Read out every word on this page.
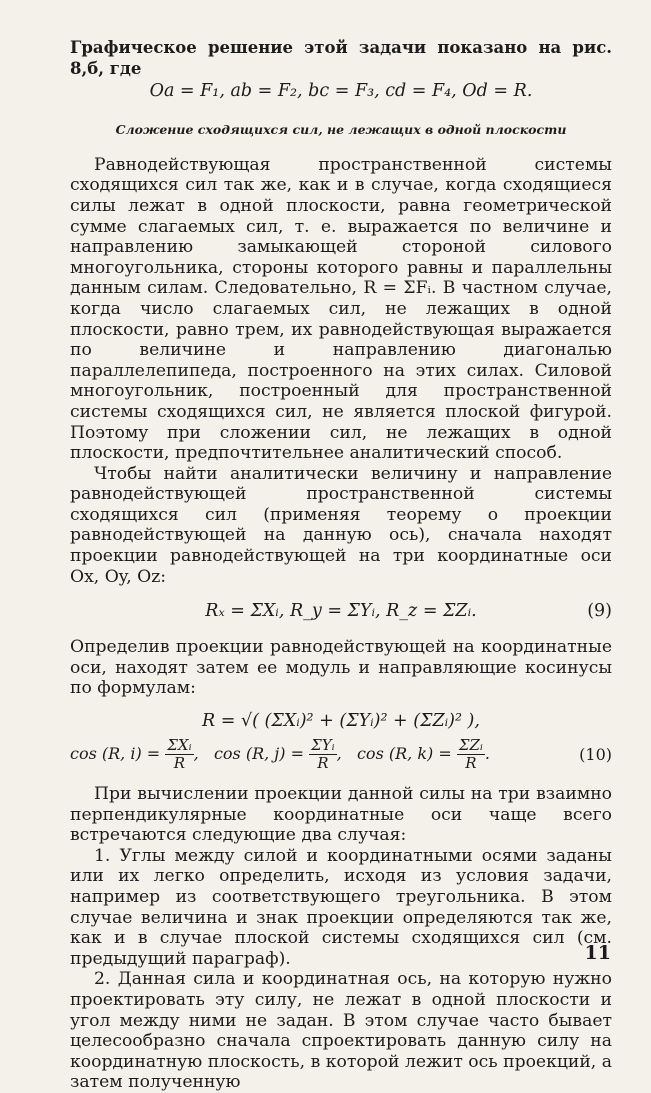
Графическое решение этой задачи показано на рис. 8,б, где

Oa = F₁, ab = F₂, bc = F₃, cd = F₄, Od = R.

Сложение сходящихся сил, не лежащих в одной плоскости

Равнодействующая пространственной системы сходящихся сил так же, как и в случае, когда сходящиеся силы лежат в одной плоскости, равна геометрической сумме слагаемых сил, т. е. выражается по величине и направлению замыкающей стороной силового многоугольника, стороны которого равны и параллельны данным силам. Следовательно, R = ΣFᵢ. В частном случае, когда число слагаемых сил, не лежащих в одной плоскости, равно трем, их равнодействующая выражается по величине и направлению диагональю параллелепипеда, построенного на этих силах. Силовой многоугольник, построенный для пространственной системы сходящихся сил, не является плоской фигурой. Поэтому при сложении сил, не лежащих в одной плоскости, предпочтительнее аналитический способ.

Чтобы найти аналитически величину и направление равнодействующей пространственной системы сходящихся сил (применяя теорему о проекции равнодействующей на данную ось), сначала находят проекции равнодействующей на три координатные оси Ox, Oy, Oz:

Rₓ = ΣXᵢ, R_y = ΣYᵢ, R_z = ΣZᵢ.	(9)

Определив проекции равнодействующей на координатные оси, находят затем ее модуль и направляющие косинусы по формулам:

R = √( (ΣXᵢ)² + (ΣYᵢ)² + (ΣZᵢ)² ),
cos (R, $i) = \frac{\text{ΣXᵢ}}{R}$ ,   cos (R, $j) = \frac{\text{ΣYᵢ}}{R}$ ,   cos (R, $k) = \frac{\text{ΣZᵢ}}{R}$ .	(10)

При вычислении проекции данной силы на три взаимно перпендикулярные координатные оси чаще всего встречаются следующие два случая:

1. Углы между силой и координатными осями заданы или их легко определить, исходя из условия задачи, например из соответствующего треугольника. В этом случае величина и знак проекции определяются так же, как и в случае плоской системы сходящихся сил (см. предыдущий параграф).

2. Данная сила и координатная ось, на которую нужно проектировать эту силу, не лежат в одной плоскости и угол между ними не задан. В этом случае часто бывает целесообразно сначала спроектировать данную силу на координатную плоскость, в которой лежит ось проекций, а затем полученную

11
